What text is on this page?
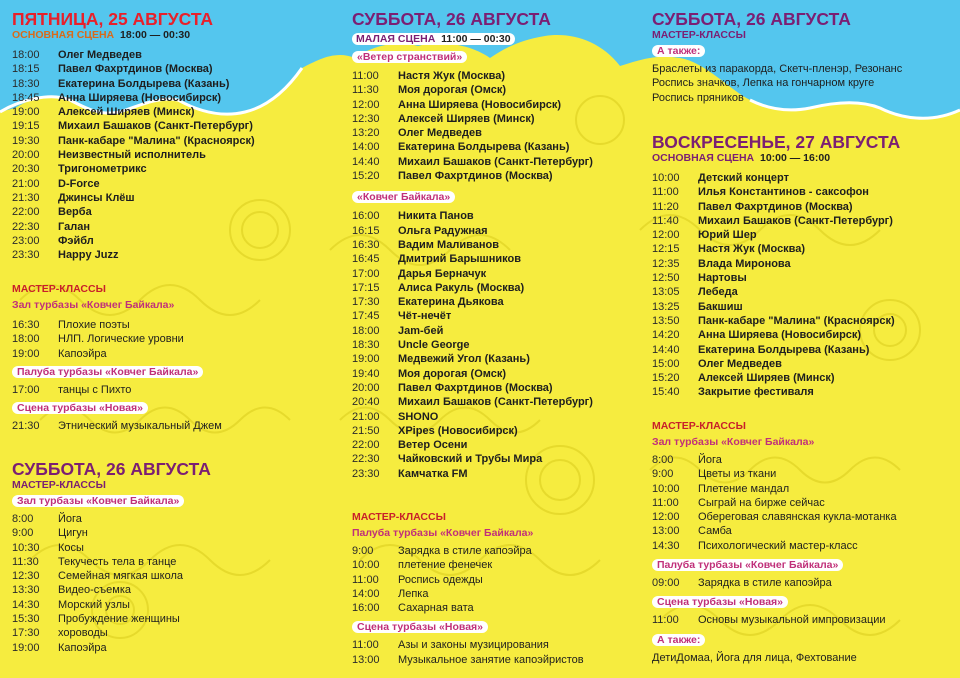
ПЯТНИЦА, 25 АВГУСТА
ОСНОВНАЯ СЦЕНА 18:00 — 00:30
18:00	Олег Медведев
18:15	Павел Фахртдинов (Москва)
18:30	Екатерина Болдырева (Казань)
18:45	Анна Ширяева (Новосибирск)
19:00	Алексей Ширяев (Минск)
19:15	Михаил Башаков (Санкт-Петербург)
19:30	Панк-кабаре "Малина" (Красноярск)
20:00	Неизвестный исполнитель
20:30	Тригонометрикс
21:00	D-Force
21:30	Джинсы Клёш
22:00	Верба
22:30	Галан
23:00	Фэйбл
23:30	Happy Juzz
МАСТЕР-КЛАССЫ
Зал турбазы «Ковчег Байкала»
16:30	Плохие поэты
18:00	НЛП. Логические уровни
19:00	Капоэйра
Палуба турбазы «Ковчег Байкала»
17:00	танцы с Пихто
Сцена турбазы «Новая»
21:30	Этнический музыкальный Джем
СУББОТА, 26 АВГУСТА
МАСТЕР-КЛАССЫ
Зал турбазы «Ковчег Байкала»
8:00	Йога
9:00	Цигун
10:30	Косы
11:30	Текучесть тела в танце
12:30	Семейная мягкая школа
13:30	Видео-съемка
14:30	Морский узлы
15:30	Пробуждение женщины
17:30	хороводы
19:00	Капоэйра
СУББОТА, 26 АВГУСТА
МАЛАЯ СЦЕНА 11:00 — 00:30
«Ветер странствий»
11:00	Настя Жук (Москва)
11:30	Моя дорогая (Омск)
12:00	Анна Ширяева (Новосибирск)
12:30	Алексей Ширяев (Минск)
13:20	Олег Медведев
14:00	Екатерина Болдырева (Казань)
14:40	Михаил Башаков (Санкт-Петербург)
15:20	Павел Фахртдинов (Москва)
«Ковчег Байкала»
16:00	Никита Панов
16:15	Ольга Радужная
16:30	Вадим Маливанов
16:45	Дмитрий Барышников
17:00	Дарья Берначук
17:15	Алиса Ракуль (Москва)
17:30	Екатерина Дьякова
17:45	Чёт-нечёт
18:00	Jam-бей
18:30	Uncle George
19:00	Медвежий Угол (Казань)
19:40	Моя дорогая (Омск)
20:00	Павел Фахртдинов (Москва)
20:40	Михаил Башаков (Санкт-Петербург)
21:00	SHONO
21:50	XPipes (Новосибирск)
22:00	Ветер Осени
22:30	Чайковский и Трубы Мира
23:30	Камчатка FM
МАСТЕР-КЛАССЫ
Палуба турбазы «Ковчег Байкала»
9:00	Зарядка в стиле капоэйра
10:00	плетение фенечек
11:00	Роспись одежды
14:00	Лепка
16:00	Сахарная вата
Сцена турбазы «Новая»
11:00	Азы и законы музицирования
13:00	Музыкальное занятие капоэйристов
СУББОТА, 26 АВГУСТА
МАСТЕР-КЛАССЫ
А также:
Браслеты из паракорда, Скетч-пленэр, Резонанс
Роспись значков, Лепка на гончарном круге
Роспись пряников
ВОСКРЕСЕНЬЕ, 27 АВГУСТА
ОСНОВНАЯ СЦЕНА 10:00 — 16:00
10:00	Детский концерт
11:00	Илья Константинов - саксофон
11:20	Павел Фахртдинов (Москва)
11:40	Михаил Башаков (Санкт-Петербург)
12:00	Юрий Шер
12:15	Настя Жук (Москва)
12:35	Влада Миронова
12:50	Нартовы
13:05	Лебеда
13:25	Бакшиш
13:50	Панк-кабаре "Малина" (Красноярск)
14:20	Анна Ширяева (Новосибирск)
14:40	Екатерина Болдырева (Казань)
15:00	Олег Медведев
15:20	Алексей Ширяев (Минск)
15:40	Закрытие фестиваля
МАСТЕР-КЛАССЫ
Зал турбазы «Ковчег Байкала»
8:00	Йога
9:00	Цветы из ткани
10:00	Плетение мандал
11:00	Сыграй на бирже сейчас
12:00	Обереговая славянская кукла-мотанка
13:00	Самба
14:30	Психологический мастер-класс
Палуба турбазы «Ковчег Байкала»
09:00	Зарядка в стиле капоэйра
Сцена турбазы «Новая»
11:00	Основы музыкальной импровизации
А также:
ДетиДомаа, Йога для лица, Фехтование
